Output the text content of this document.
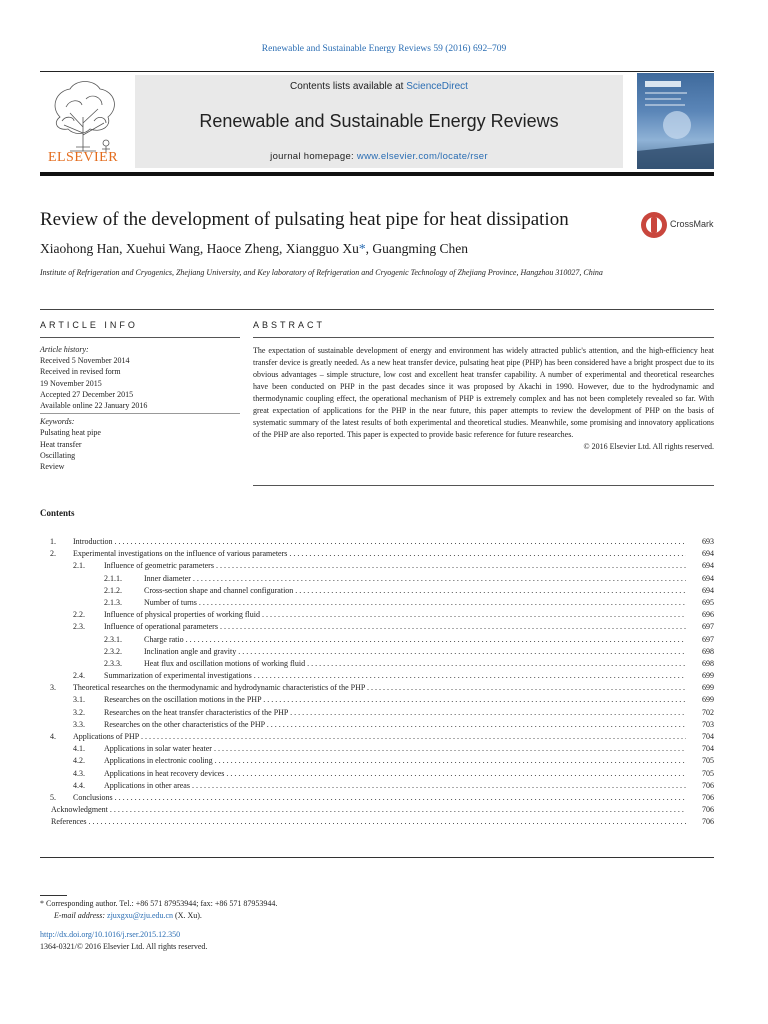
Renewable and Sustainable Energy Reviews 59 (2016) 692–709
ELSEVIER
Contents lists available at ScienceDirect
Renewable and Sustainable Energy Reviews
journal homepage: www.elsevier.com/locate/rser
Review of the development of pulsating heat pipe for heat dissipation	CrossMark
Xiaohong Han, Xuehui Wang, Haoce Zheng, Xiangguo Xu*, Guangming Chen
Institute of Refrigeration and Cryogenics, Zhejiang University, and Key laboratory of Refrigeration and Cryogenic Technology of Zhejiang Province, Hangzhou 310027, China
ARTICLE INFO	ABSTRACT
Article history:
Received 5 November 2014
Received in revised form
19 November 2015
Accepted 27 December 2015
Available online 22 January 2016
Keywords:
Pulsating heat pipe
Heat transfer
Oscillating
Review
The expectation of sustainable development of energy and environment has widely attracted public's attention, and the high-efficiency heat transfer device is greatly needed. As a new heat transfer device, pulsating heat pipe (PHP) has been considered have a bright prospect due to its obvious advantages – simple structure, low cost and excellent heat transfer capability. A number of experimental and theoretical researches have been conducted on PHP in the past decades since it was proposed by Akachi in 1990. However, due to the hydrodynamic and thermodynamic coupling effect, the operational mechanism of PHP is extremely complex and has not been completely revealed so far. With great expectation of applications for the PHP in the near future, this paper attempts to review the development of PHP on the basis of systematic summary of the latest results of both experimental and theoretical studies. Meanwhile, some promising and innovatory applications of the PHP are also reported. This paper is expected to provide basic reference for future researches.
© 2016 Elsevier Ltd. All rights reserved.
Contents
1. Introduction . . .	693
2. Experimental investigations on the influence of various parameters . . .	694
2.1. Influence of geometric parameters . . .	694
2.1.1.	Inner diameter . . .	694
2.1.2.	Cross-section shape and channel configuration . . .	694
2.1.3.	Number of turns . . .	695
2.2. Influence of physical properties of working fluid . . .	696
2.3. Influence of operational parameters . . .	697
2.3.1.	Charge ratio . . .	697
2.3.2.	Inclination angle and gravity . . .	698
2.3.3.	Heat flux and oscillation motions of working fluid . . .	698
2.4. Summarization of experimental investigations . . .	699
3. Theoretical researches on the thermodynamic and hydrodynamic characteristics of the PHP . . .	699
3.1. Researches on the oscillation motions in the PHP . . .	699
3.2. Researches on the heat transfer characteristics of the PHP . . .	702
3.3. Researches on the other characteristics of the PHP . . .	703
4. Applications of PHP . . .	704
4.1. Applications in solar water heater . . .	704
4.2. Applications in electronic cooling . . .	705
4.3. Applications in heat recovery devices . . .	705
4.4. Applications in other areas . . .	706
5. Conclusions . . .	706
Acknowledgment . . .	706
References . . .	706
* Corresponding author. Tel.: +86 571 87953944; fax: +86 571 87953944.
E-mail address: zjuxgxu@zju.edu.cn (X. Xu).
http://dx.doi.org/10.1016/j.rser.2015.12.350
1364-0321/© 2016 Elsevier Ltd. All rights reserved.
